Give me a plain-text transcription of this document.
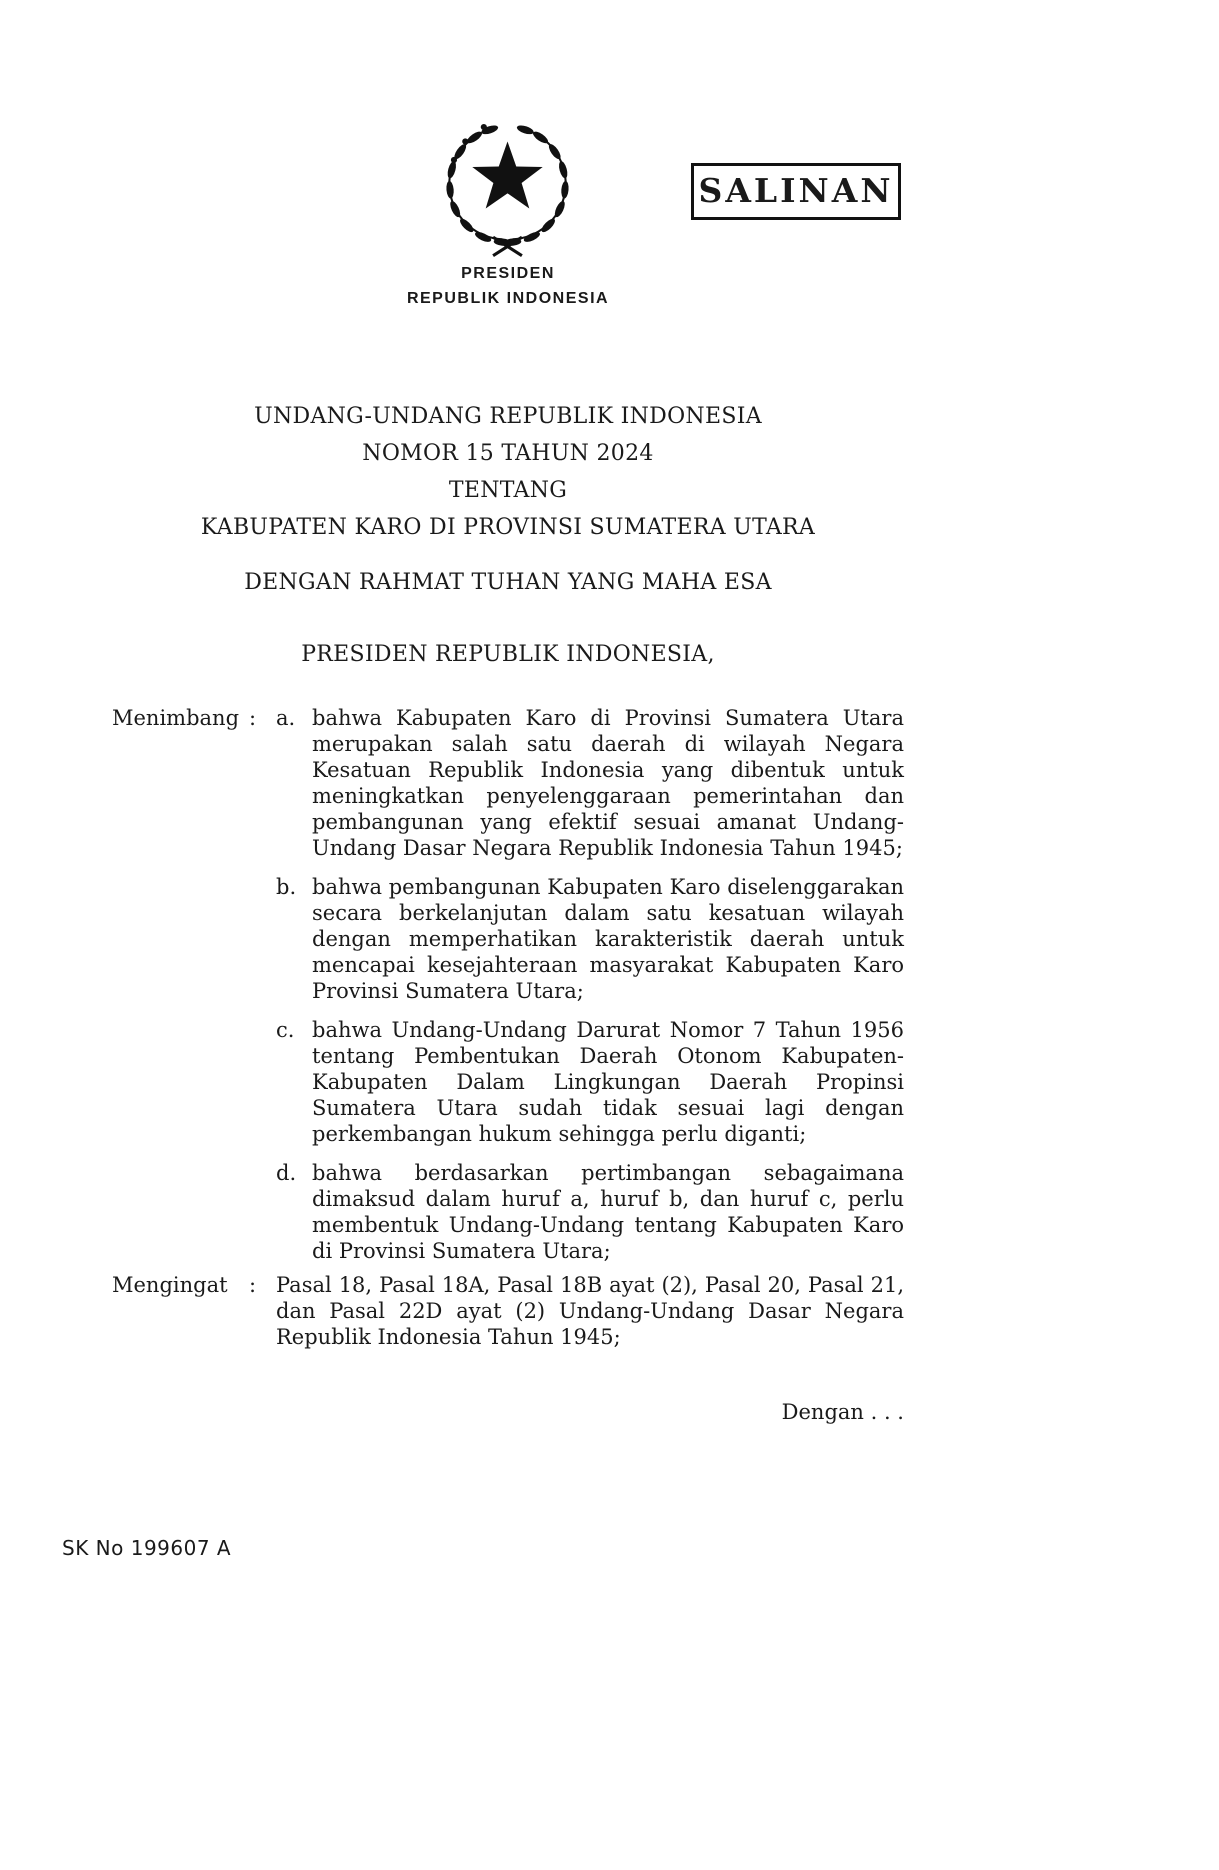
SALINAN
PRESIDEN
REPUBLIK INDONESIA
UNDANG-UNDANG REPUBLIK INDONESIA
NOMOR 15 TAHUN 2024
TENTANG
KABUPATEN KARO DI PROVINSI SUMATERA UTARA
DENGAN RAHMAT TUHAN YANG MAHA ESA
PRESIDEN REPUBLIK INDONESIA,
Menimbang : a. bahwa Kabupaten Karo di Provinsi Sumatera Utara merupakan salah satu daerah di wilayah Negara Kesatuan Republik Indonesia yang dibentuk untuk meningkatkan penyelenggaraan pemerintahan dan pembangunan yang efektif sesuai amanat Undang-Undang Dasar Negara Republik Indonesia Tahun 1945;
b. bahwa pembangunan Kabupaten Karo diselenggarakan secara berkelanjutan dalam satu kesatuan wilayah dengan memperhatikan karakteristik daerah untuk mencapai kesejahteraan masyarakat Kabupaten Karo Provinsi Sumatera Utara;
c. bahwa Undang-Undang Darurat Nomor 7 Tahun 1956 tentang Pembentukan Daerah Otonom Kabupaten-Kabupaten Dalam Lingkungan Daerah Propinsi Sumatera Utara sudah tidak sesuai lagi dengan perkembangan hukum sehingga perlu diganti;
d. bahwa berdasarkan pertimbangan sebagaimana dimaksud dalam huruf a, huruf b, dan huruf c, perlu membentuk Undang-Undang tentang Kabupaten Karo di Provinsi Sumatera Utara;
Mengingat	: Pasal 18, Pasal 18A, Pasal 18B ayat (2), Pasal 20, Pasal 21, dan Pasal 22D ayat (2) Undang-Undang Dasar Negara Republik Indonesia Tahun 1945;
Dengan . . .
SK No 199607 A
